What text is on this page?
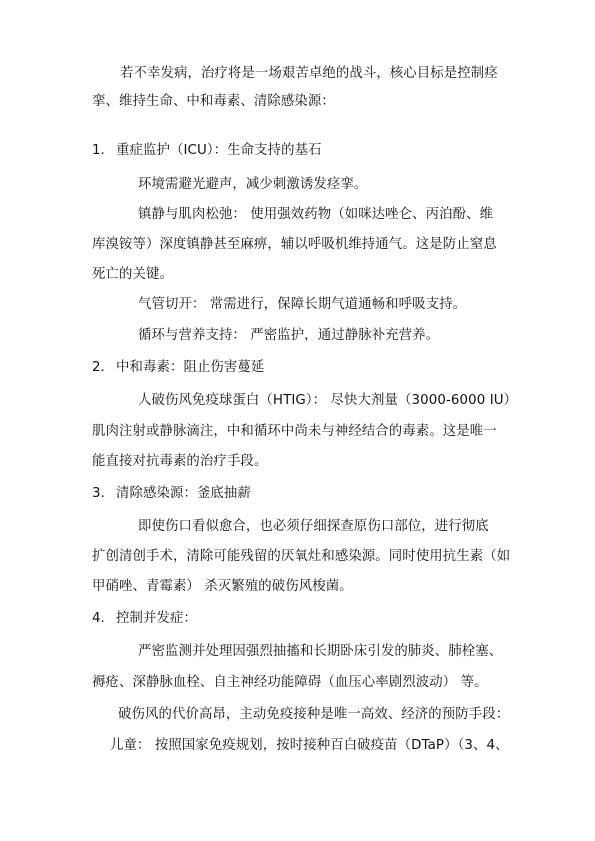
若不幸发病，治疗将是一场艰苦卓绝的战斗，核心目标是控制痉
挛、维持生命、中和毒素、清除感染源：
1. 重症监护（ICU）：生命支持的基石
环境需避光避声，减少刺激诱发痉挛。
镇静与肌肉松弛： 使用强效药物（如咪达唑仑、丙泊酚、维
库溴铵等）深度镇静甚至麻痹，辅以呼吸机维持通气。这是防止窒息
死亡的关键。
气管切开： 常需进行，保障长期气道通畅和呼吸支持。
循环与营养支持： 严密监护，通过静脉补充营养。
2. 中和毒素：阻止伤害蔓延
人破伤风免疫球蛋白（HTIG）： 尽快大剂量（3000-6000 IU）
肌肉注射或静脉滴注，中和循环中尚未与神经结合的毒素。这是唯一
能直接对抗毒素的治疗手段。
3. 清除感染源：釜底抽薪
即使伤口看似愈合，也必须仔细探查原伤口部位，进行彻底
扩创清创手术，清除可能残留的厌氧灶和感染源。同时使用抗生素（如
甲硝唑、青霉素） 杀灭繁殖的破伤风梭菌。
4. 控制并发症：
严密监测并处理因强烈抽搐和长期卧床引发的肺炎、肺栓塞、
褥疮、深静脉血栓、自主神经功能障碍（血压心率剧烈波动） 等。
破伤风的代价高昂，主动免疫接种是唯一高效、经济的预防手段：
儿童： 按照国家免疫规划，按时接种百白破疫苗（DTaP）（3、4、
